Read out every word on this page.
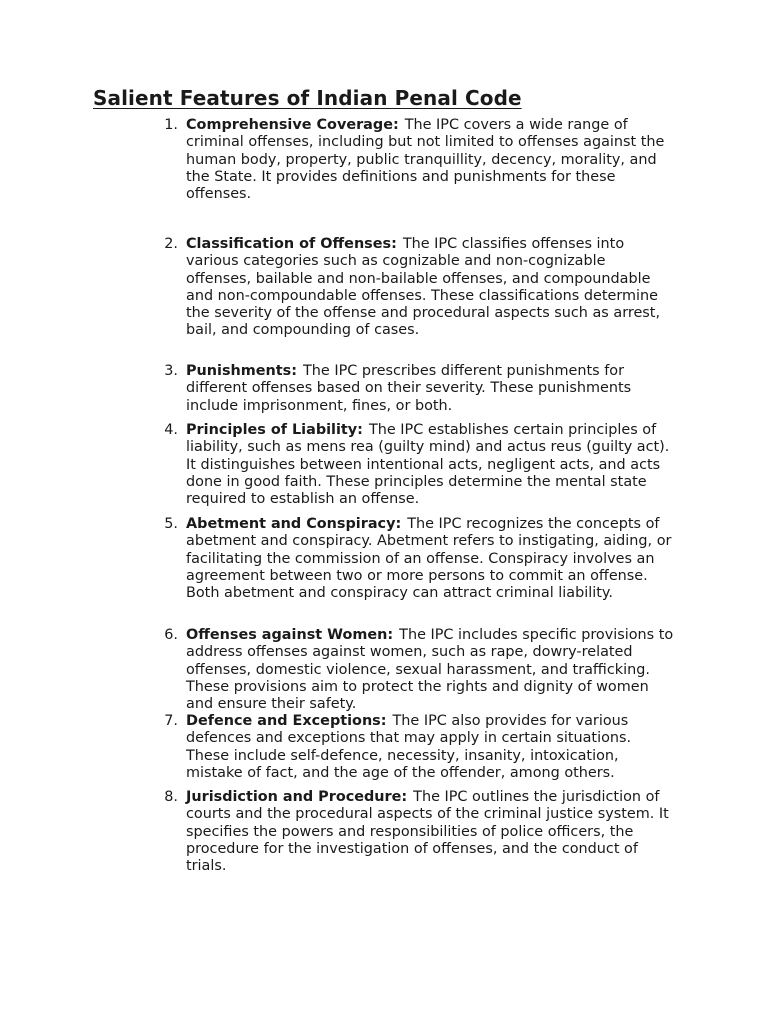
Salient Features of Indian Penal Code
1. Comprehensive Coverage: The IPC covers a wide range of criminal offenses, including but not limited to offenses against the human body, property, public tranquillity, decency, morality, and the State. It provides definitions and punishments for these offenses.
2. Classification of Offenses: The IPC classifies offenses into various categories such as cognizable and non-cognizable offenses, bailable and non-bailable offenses, and compoundable and non-compoundable offenses. These classifications determine the severity of the offense and procedural aspects such as arrest, bail, and compounding of cases.
3. Punishments: The IPC prescribes different punishments for different offenses based on their severity. These punishments include imprisonment, fines, or both.
4. Principles of Liability: The IPC establishes certain principles of liability, such as mens rea (guilty mind) and actus reus (guilty act). It distinguishes between intentional acts, negligent acts, and acts done in good faith. These principles determine the mental state required to establish an offense.
5. Abetment and Conspiracy: The IPC recognizes the concepts of abetment and conspiracy. Abetment refers to instigating, aiding, or facilitating the commission of an offense. Conspiracy involves an agreement between two or more persons to commit an offense. Both abetment and conspiracy can attract criminal liability.
6. Offenses against Women: The IPC includes specific provisions to address offenses against women, such as rape, dowry-related offenses, domestic violence, sexual harassment, and trafficking. These provisions aim to protect the rights and dignity of women and ensure their safety.
7. Defence and Exceptions: The IPC also provides for various defences and exceptions that may apply in certain situations. These include self-defence, necessity, insanity, intoxication, mistake of fact, and the age of the offender, among others.
8. Jurisdiction and Procedure: The IPC outlines the jurisdiction of courts and the procedural aspects of the criminal justice system. It specifies the powers and responsibilities of police officers, the procedure for the investigation of offenses, and the conduct of trials.
